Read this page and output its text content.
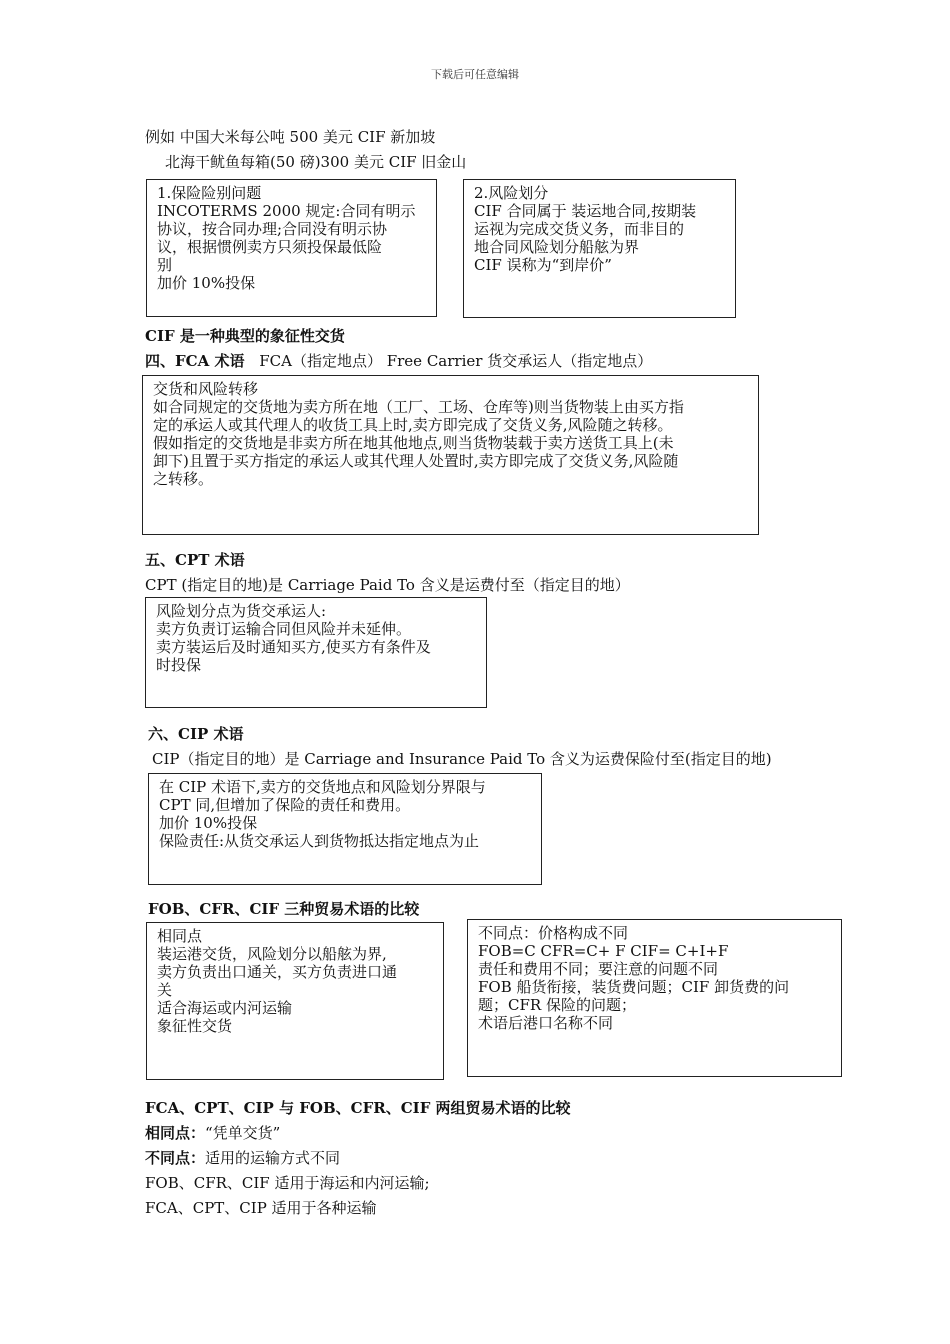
下载后可任意编辑
例如 中国大米每公吨 500 美元 CIF 新加坡
北海干鱿鱼每箱(50 磅)300 美元 CIF 旧金山
1.保险险别问题
INCOTERMS 2000 规定:合同有明示
协议，按合同办理;合同没有明示协
议，根据惯例卖方只须投保最低险
别
加价 10%投保
2.风险划分
CIF 合同属于 装运地合同,按期装
运视为完成交货义务，而非目的
地合同风险划分船舷为界
CIF 误称为“到岸价”
CIF 是一种典型的象征性交货
四、FCA 术语 FCA（指定地点） Free Carrier 货交承运人（指定地点）
交货和风险转移
如合同规定的交货地为卖方所在地（工厂、工场、仓库等)则当货物装上由买方指
定的承运人或其代理人的收货工具上时,卖方即完成了交货义务,风险随之转移。
假如指定的交货地是非卖方所在地其他地点,则当货物装载于卖方送货工具上(未
卸下)且置于买方指定的承运人或其代理人处置时,卖方即完成了交货义务,风险随
之转移。
五、CPT 术语
CPT (指定目的地)是 Carriage Paid To 含义是运费付至（指定目的地）
风险划分点为货交承运人:
卖方负责订运输合同但风险并未延伸。
卖方装运后及时通知买方,使买方有条件及
时投保
六、CIP 术语
CIP（指定目的地）是 Carriage and Insurance Paid To 含义为运费保险付至(指定目的地)
在 CIP 术语下,卖方的交货地点和风险划分界限与
CPT 同,但增加了保险的责任和费用。
加价 10%投保
保险责任:从货交承运人到货物抵达指定地点为止
FOB、CFR、CIF 三种贸易术语的比较
相同点
装运港交货，风险划分以船舷为界,
卖方负责出口通关，买方负责进口通
关
适合海运或内河运输
象征性交货
不同点：价格构成不同
FOB=C CFR=C+ F CIF= C+I+F
责任和费用不同；要注意的问题不同
FOB 船货衔接，装货费问题；CIF 卸货费的问
题；CFR 保险的问题；
术语后港口名称不同
FCA、CPT、CIP 与 FOB、CFR、CIF 两组贸易术语的比较
相同点：“凭单交货”
不同点：适用的运输方式不同
FOB、CFR、CIF 适用于海运和内河运输;
FCA、CPT、CIP 适用于各种运输
